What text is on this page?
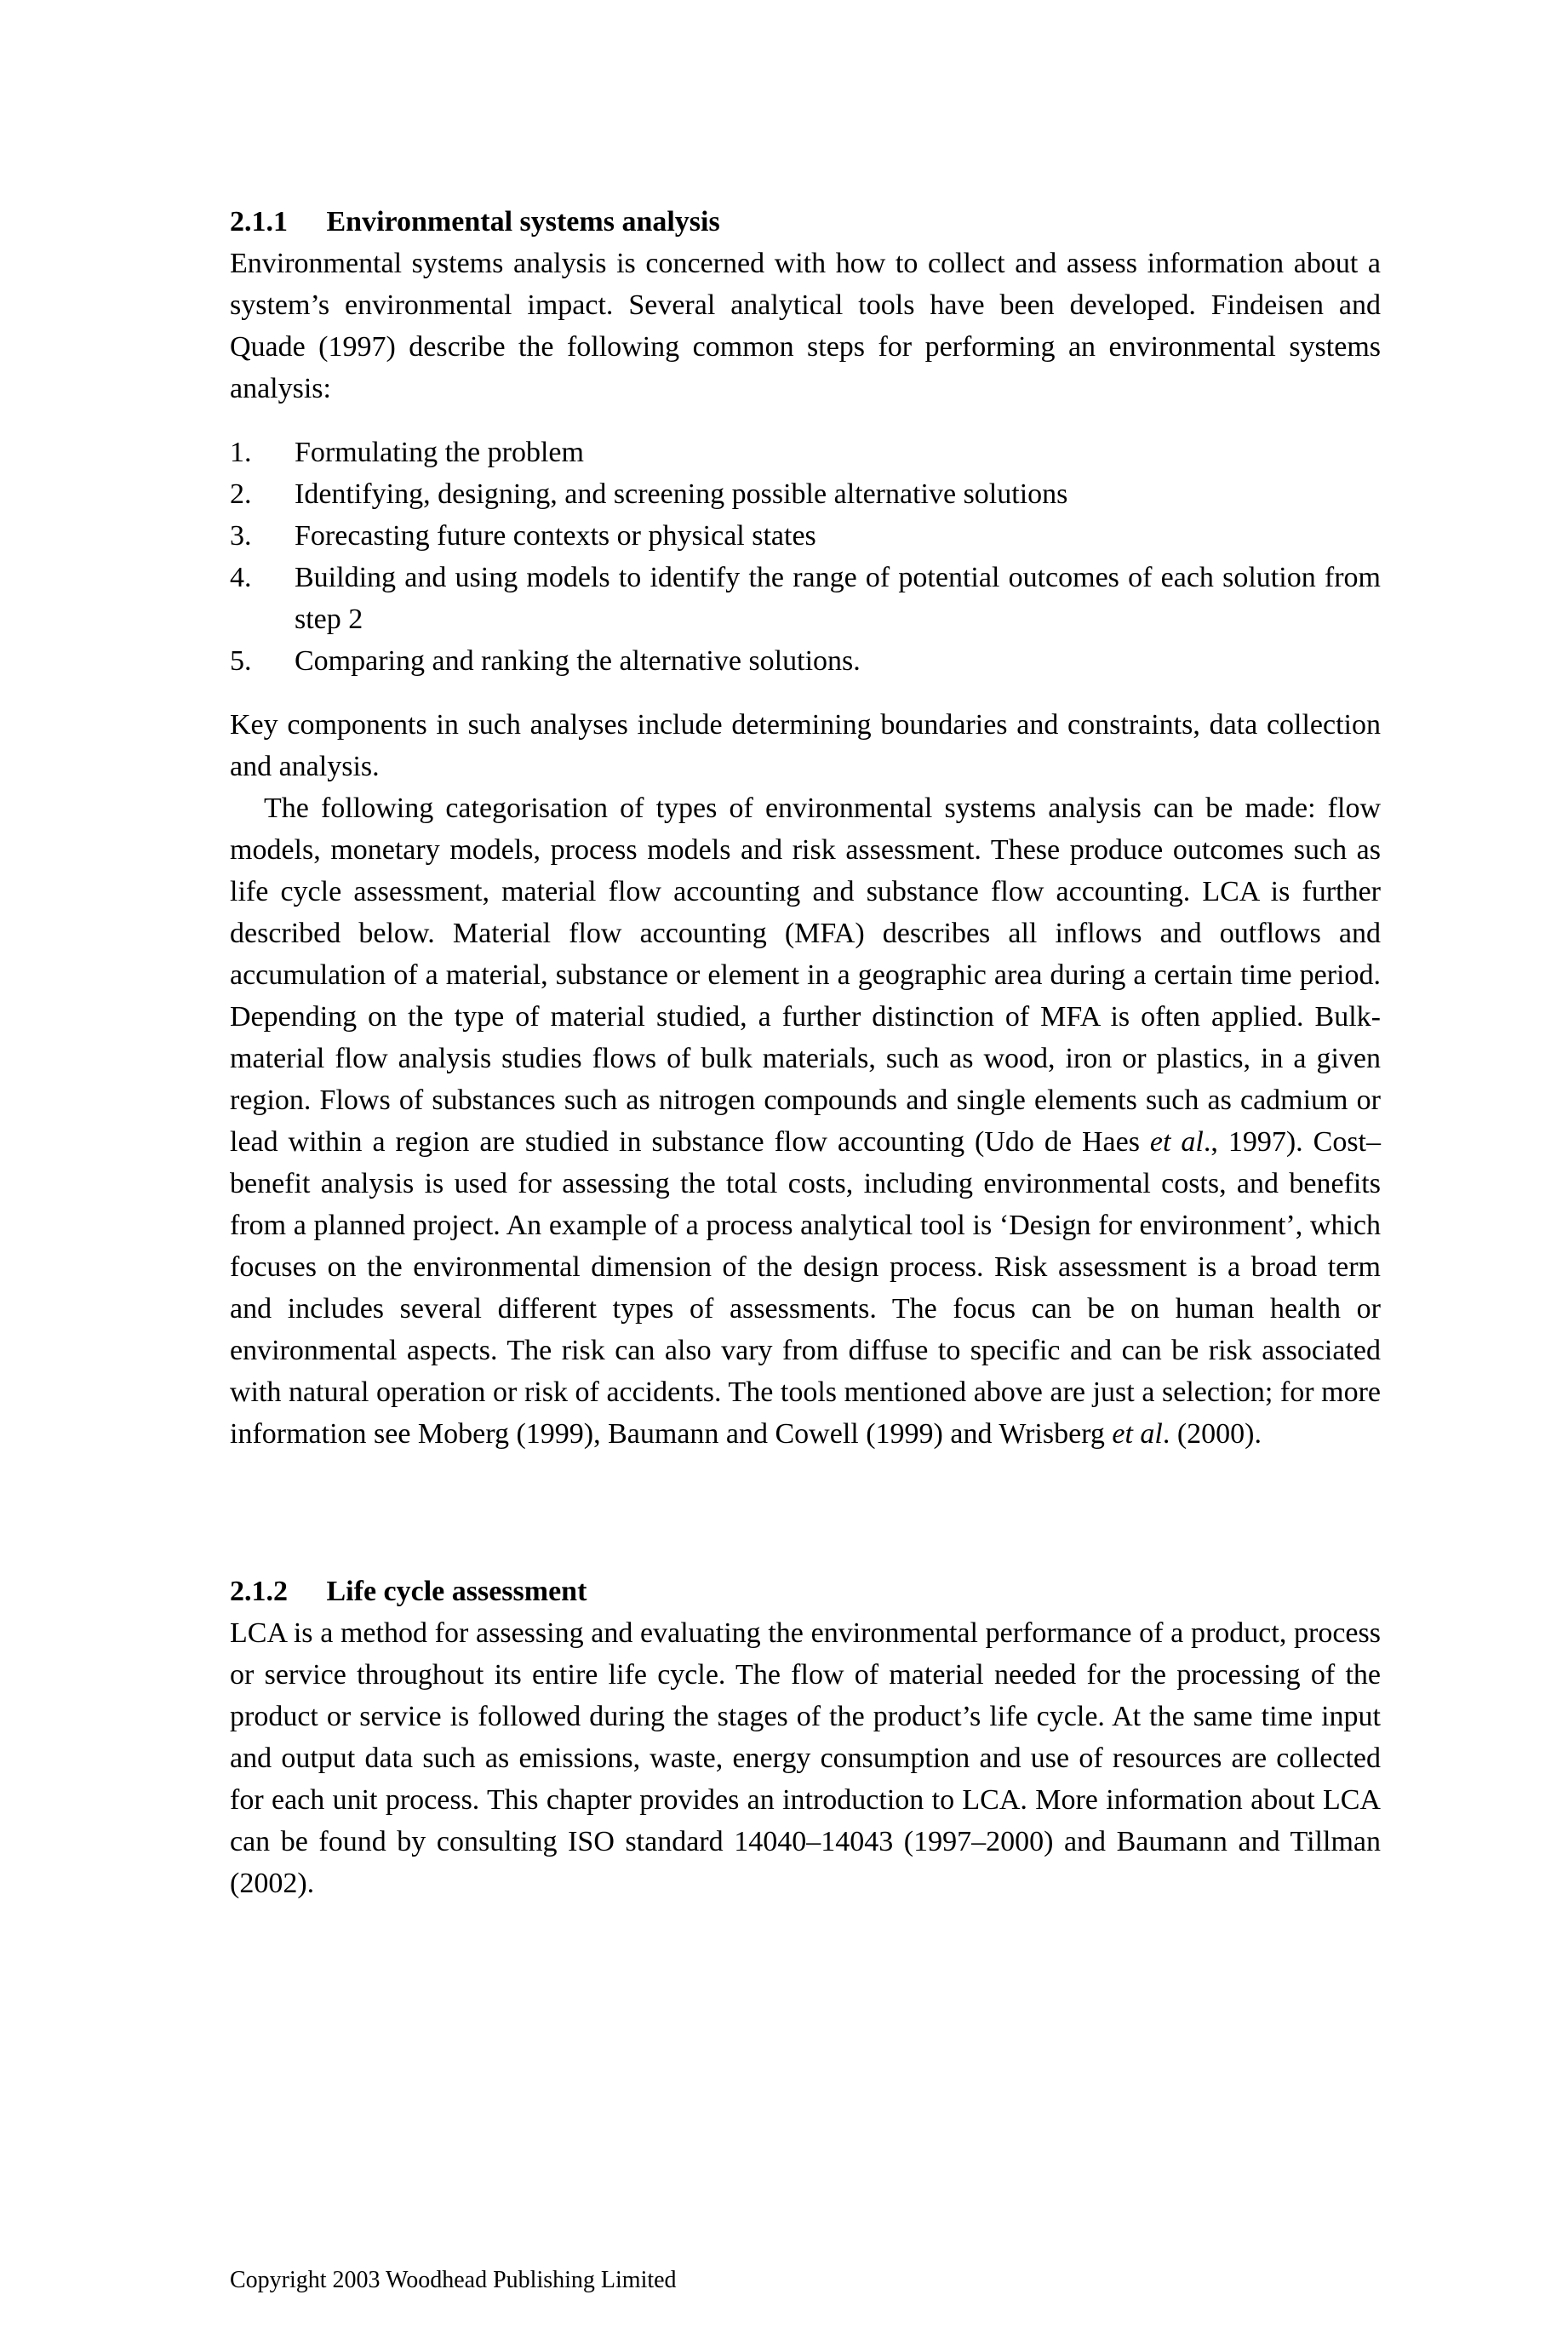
2.1.1 Environmental systems analysis

Environmental systems analysis is concerned with how to collect and assess information about a system’s environmental impact. Several analytical tools have been developed. Findeisen and Quade (1997) describe the following common steps for performing an environmental systems analysis:

1. Formulating the problem
2. Identifying, designing, and screening possible alternative solutions
3. Forecasting future contexts or physical states
4. Building and using models to identify the range of potential outcomes of each solution from step 2
5. Comparing and ranking the alternative solutions.

Key components in such analyses include determining boundaries and constraints, data collection and analysis.

The following categorisation of types of environmental systems analysis can be made: flow models, monetary models, process models and risk assessment. These produce outcomes such as life cycle assessment, material flow accounting and substance flow accounting. LCA is further described below. Material flow accounting (MFA) describes all inflows and outflows and accumulation of a material, substance or element in a geographic area during a certain time period. Depending on the type of material studied, a further distinction of MFA is often applied. Bulk-material flow analysis studies flows of bulk materials, such as wood, iron or plastics, in a given region. Flows of substances such as nitrogen compounds and single elements such as cadmium or lead within a region are studied in substance flow accounting (Udo de Haes et al., 1997). Cost–benefit analysis is used for assessing the total costs, including environmental costs, and benefits from a planned project. An example of a process analytical tool is ‘Design for environment’, which focuses on the environmental dimension of the design process. Risk assessment is a broad term and includes several different types of assessments. The focus can be on human health or environmental aspects. The risk can also vary from diffuse to specific and can be risk associated with natural operation or risk of accidents. The tools mentioned above are just a selection; for more information see Moberg (1999), Baumann and Cowell (1999) and Wrisberg et al. (2000).

2.1.2 Life cycle assessment

LCA is a method for assessing and evaluating the environmental performance of a product, process or service throughout its entire life cycle. The flow of material needed for the processing of the product or service is followed during the stages of the product’s life cycle. At the same time input and output data such as emissions, waste, energy consumption and use of resources are collected for each unit process. This chapter provides an introduction to LCA. More information about LCA can be found by consulting ISO standard 14040–14043 (1997–2000) and Baumann and Tillman (2002).

Copyright 2003 Woodhead Publishing Limited
